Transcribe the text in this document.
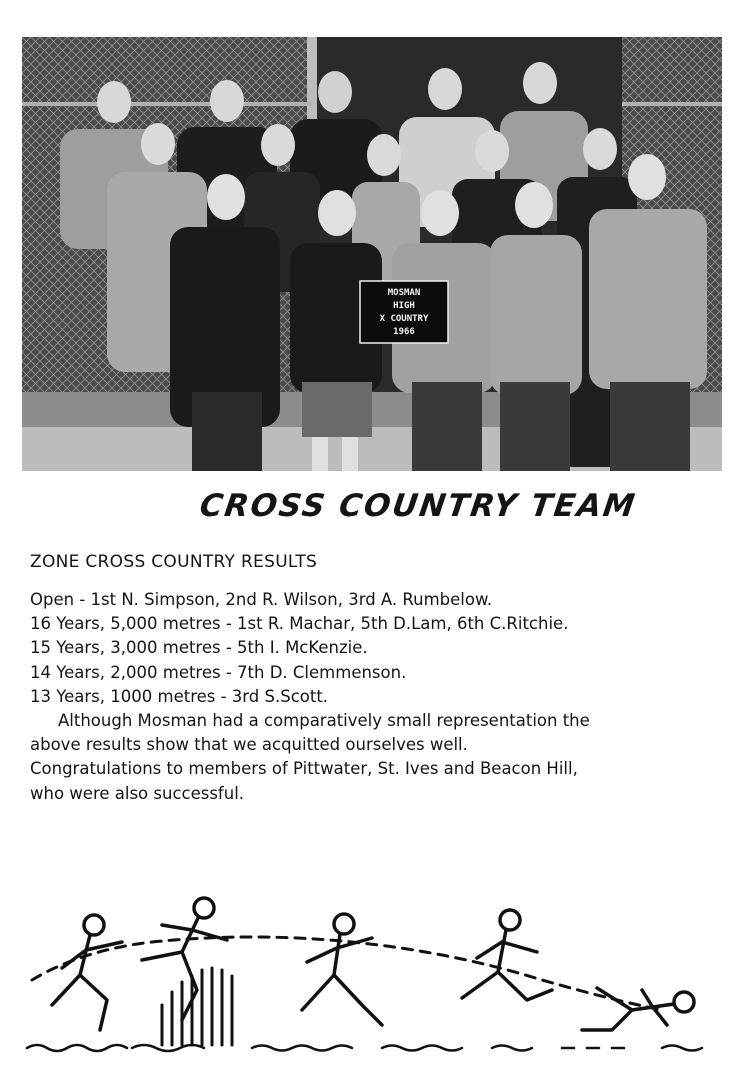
MOSMAN
HIGH
X COUNTRY
1966
CROSS COUNTRY TEAM
ZONE CROSS COUNTRY RESULTS
Open - 1st N. Simpson, 2nd R. Wilson, 3rd A. Rumbelow.
16 Years, 5,000 metres - 1st R. Machar, 5th D.Lam, 6th C.Ritchie.
15 Years, 3,000 metres - 5th I. McKenzie.
14 Years, 2,000 metres - 7th D. Clemmenson.
13 Years, 1000 metres - 3rd S.Scott.
Although Mosman had a comparatively small representation the
above results show that we acquitted ourselves well.
Congratulations to members of Pittwater, St. Ives and Beacon Hill,
who were also successful.
